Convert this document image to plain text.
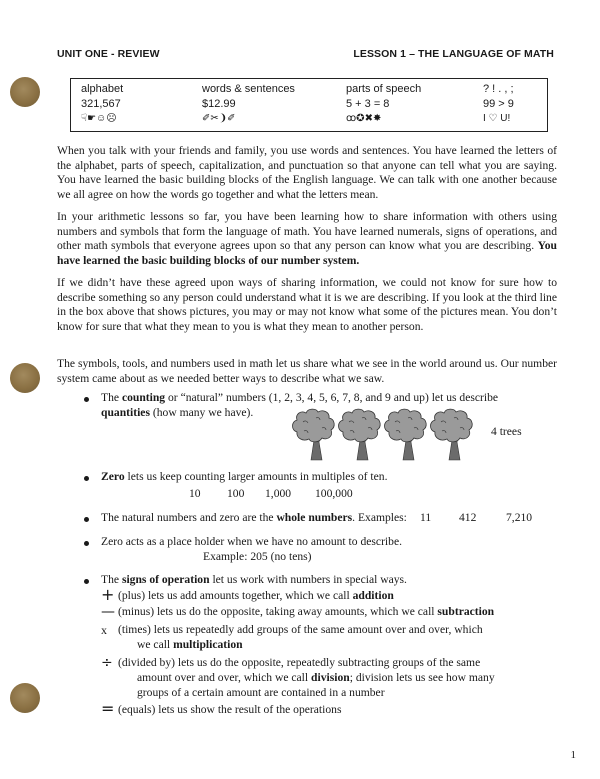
UNIT ONE - REVIEW	LESSON 1 – THE LANGUAGE OF MATH
alphabet	words & sentences	parts of speech	? ! . , ;
321,567	$12.99	5 + 3 = 8	99 > 9
☟☛☺☹	✐✂❩✐	ꝏ✪✖✸	I ♡ U!
When you talk with your friends and family, you use words and sentences. You have learned the letters of the alphabet, parts of speech, capitalization, and punctuation so that anyone can tell what you are saying. You have learned the basic building blocks of the English language. We can talk with one another because we all agree on how the words go together and what the letters mean.
In your arithmetic lessons so far, you have been learning how to share information with others using numbers and symbols that form the language of math. You have learned numerals, signs of operations, and other math symbols that everyone agrees upon so that any person can know what you are describing. You have learned the basic building blocks of our number system.
If we didn’t have these agreed upon ways of sharing information, we could not know for sure how to describe something so any person could understand what it is we are describing. If you look at the third line in the box above that shows pictures, you may or may not know what some of the pictures mean. You don’t know for sure that what they mean to you is what they mean to another person.
The symbols, tools, and numbers used in math let us share what we see in the world around us. Our number system came about as we needed better ways to describe what we saw.
The counting or “natural” numbers (1, 2, 3, 4, 5, 6, 7, 8, and 9 and up) let us describe
quantities (how many we have).
4 trees
Zero lets us keep counting larger amounts in multiples of ten.
10 100 1,000 100,000
The natural numbers and zero are the whole numbers. Examples: 11 412	7,210
Zero acts as a place holder when we have no amount to describe.
Example: 205 (no tens)
The signs of operation let us work with numbers in special ways.
+ (plus) lets us add amounts together, which we call addition
— (minus) lets us do the opposite, taking away amounts, which we call subtraction
x (times) lets us repeatedly add groups of the same amount over and over, which
we call multiplication
÷ (divided by) lets us do the opposite, repeatedly subtracting groups of the same
amount over and over, which we call division; division lets us see how many
groups of a certain amount are contained in a number
= (equals) lets us show the result of the operations
1
